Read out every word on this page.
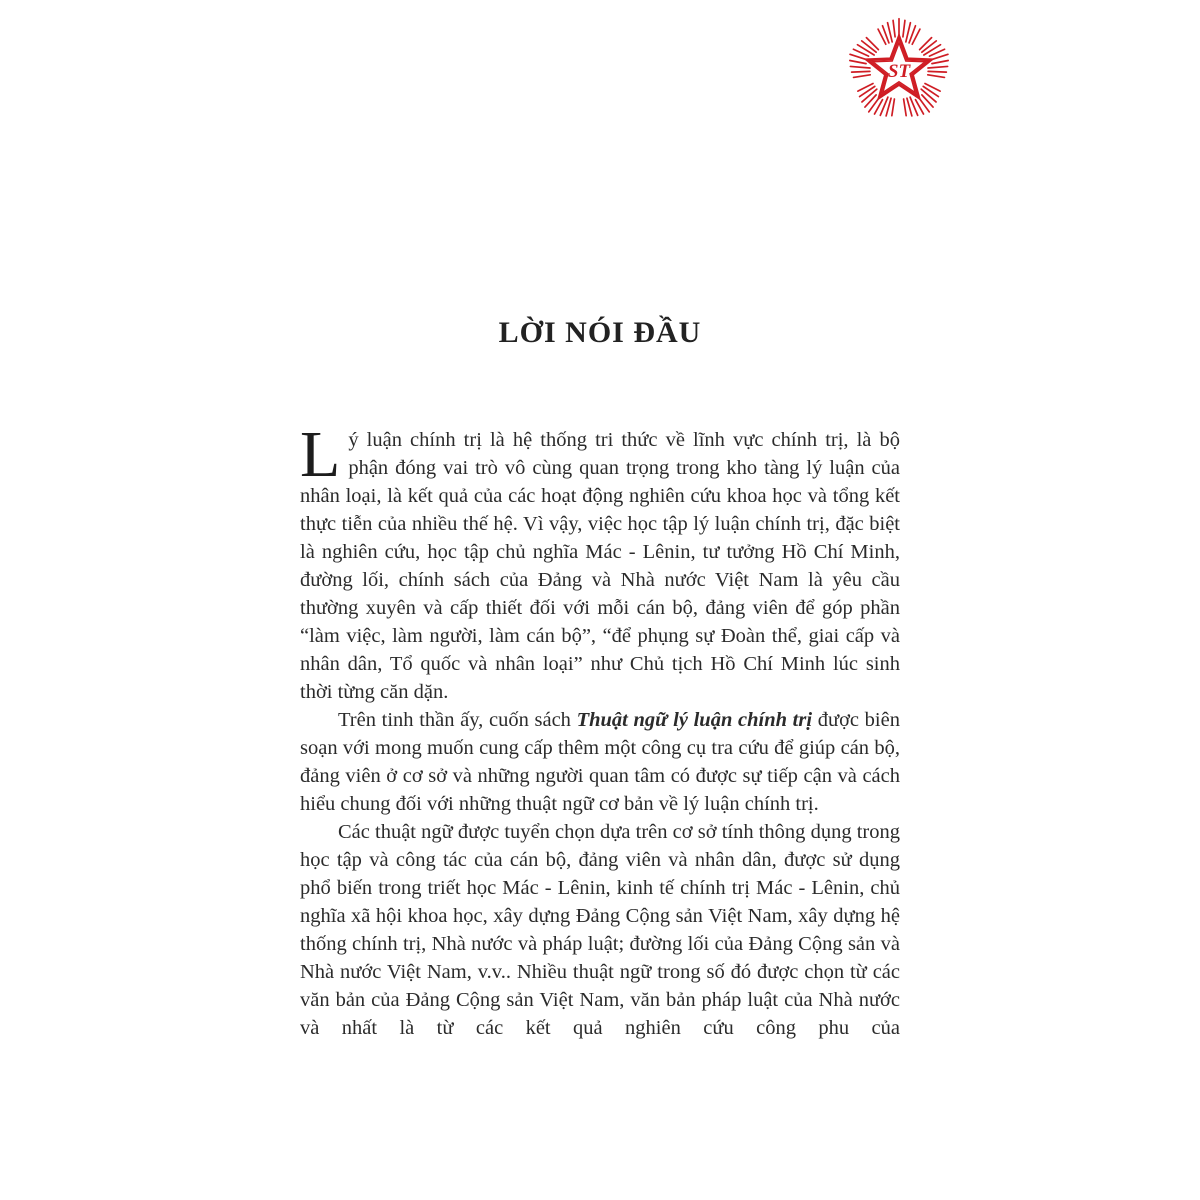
ST
LỜI NÓI ĐẦU

Lý luận chính trị là hệ thống tri thức về lĩnh vực chính trị, là bộ phận đóng vai trò vô cùng quan trọng trong kho tàng lý luận của nhân loại, là kết quả của các hoạt động nghiên cứu khoa học và tổng kết thực tiễn của nhiều thế hệ. Vì vậy, việc học tập lý luận chính trị, đặc biệt là nghiên cứu, học tập chủ nghĩa Mác - Lênin, tư tưởng Hồ Chí Minh, đường lối, chính sách của Đảng và Nhà nước Việt Nam là yêu cầu thường xuyên và cấp thiết đối với mỗi cán bộ, đảng viên để góp phần “làm việc, làm người, làm cán bộ”, “để phụng sự Đoàn thể, giai cấp và nhân dân, Tổ quốc và nhân loại” như Chủ tịch Hồ Chí Minh lúc sinh thời từng căn dặn.

Trên tinh thần ấy, cuốn sách Thuật ngữ lý luận chính trị được biên soạn với mong muốn cung cấp thêm một công cụ tra cứu để giúp cán bộ, đảng viên ở cơ sở và những người quan tâm có được sự tiếp cận và cách hiểu chung đối với những thuật ngữ cơ bản về lý luận chính trị.

Các thuật ngữ được tuyển chọn dựa trên cơ sở tính thông dụng trong học tập và công tác của cán bộ, đảng viên và nhân dân, được sử dụng phổ biến trong triết học Mác - Lênin, kinh tế chính trị Mác - Lênin, chủ nghĩa xã hội khoa học, xây dựng Đảng Cộng sản Việt Nam, xây dựng hệ thống chính trị, Nhà nước và pháp luật; đường lối của Đảng Cộng sản và Nhà nước Việt Nam, v.v.. Nhiều thuật ngữ trong số đó được chọn từ các văn bản của Đảng Cộng sản Việt Nam, văn bản pháp luật của Nhà nước và nhất là từ các kết quả nghiên cứu công phu của
